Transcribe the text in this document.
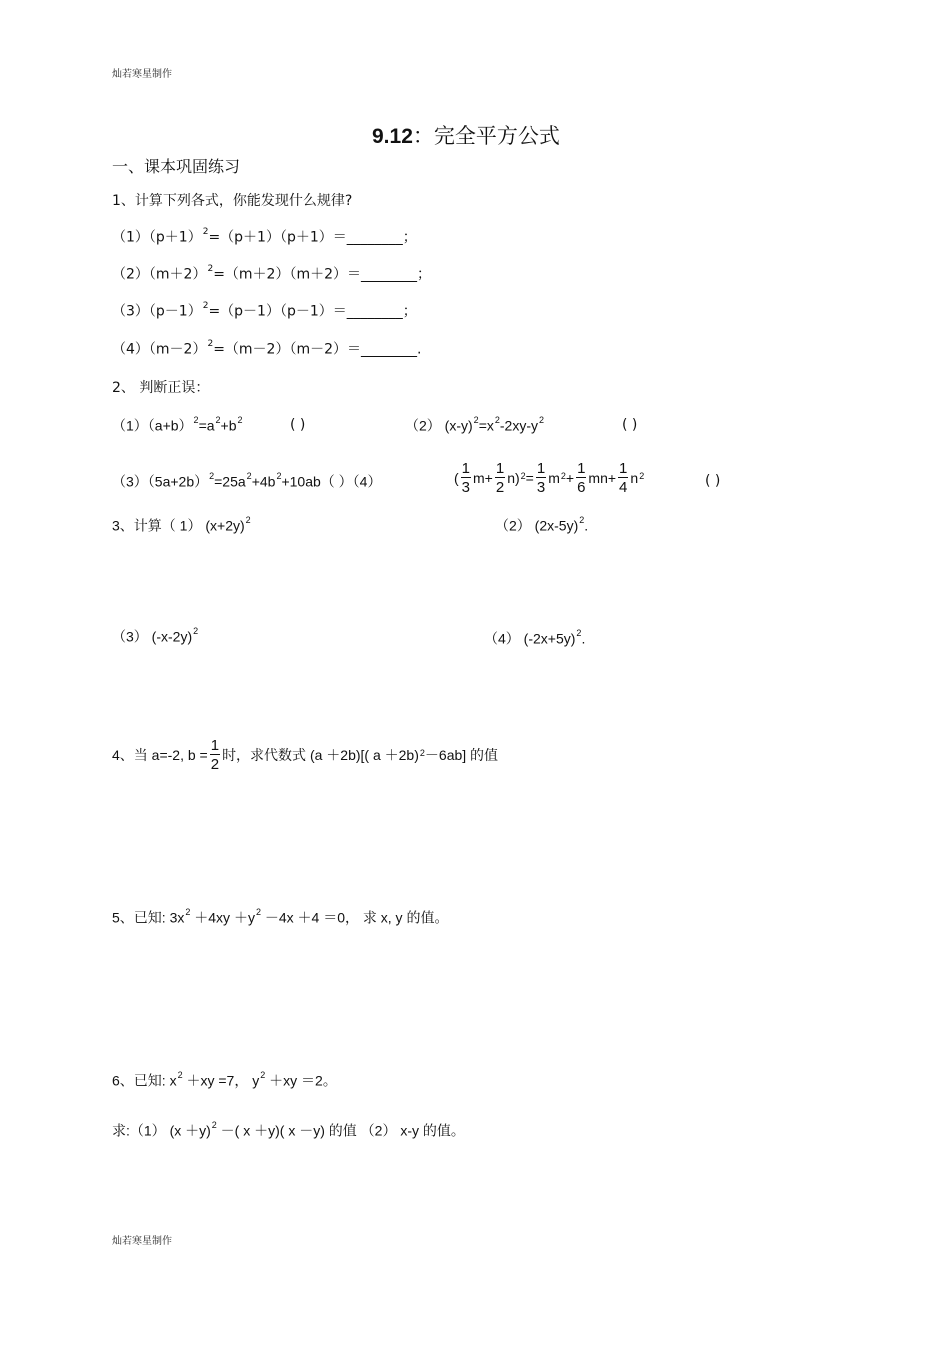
灿若寒星制作
9.12：完全平方公式
一、课本巩固练习
1、计算下列各式，你能发现什么规律?
$(1)(p+1)^2=(p+1)(p+1)=\_\_\_\_\_\_\_\_$；
$(2)(m+2)^2=(m+2)(m+2)=\_\_\_\_\_\_\_\_$；
$(3)(p-1)^2=(p-1)(p-1)=\_\_\_\_\_\_\_\_$；
$(4)(m-2)^2=(m-2)(m-2)=\_\_\_\_\_\_\_\_$.
2、 判断正误：
$(1)(a+b)^2=a^2+b^2$	( )	（2） $(x-y)^2=x^2-2xy-y^2$	( )
$(3)(5a+2b)^2=25a^2+4b^2+10ab$（ ）（4）	( $\frac{1}{3} m+ \frac{1}{2} n)^2 = \frac{1}{3} m^2 + \frac{1}{6} mn+ \frac{1}{4} n^2$	( )
3、计算（ 1） $(x+2y)^2$	（2） $(2x-5y)^2$.
（3） $(-x-2y)^2$	（4） $(-2x+5y)^2$.
4、当 a=-2, $b = \frac{1}{2}$ 时，求代数式 (a ＋2b)[( a ＋2b)$^2$ －6ab] 的值
5、已知: $3x^2 +4xy +y^2 -4x +4 =0$， 求 x, y 的值。
6、已知: $x^2 +xy =7$， $y^2 +xy =2$。
求:（1） $(x +y)^2$ －( x ＋y)( x －y) 的值 （2） x-y 的值。
灿若寒星制作
